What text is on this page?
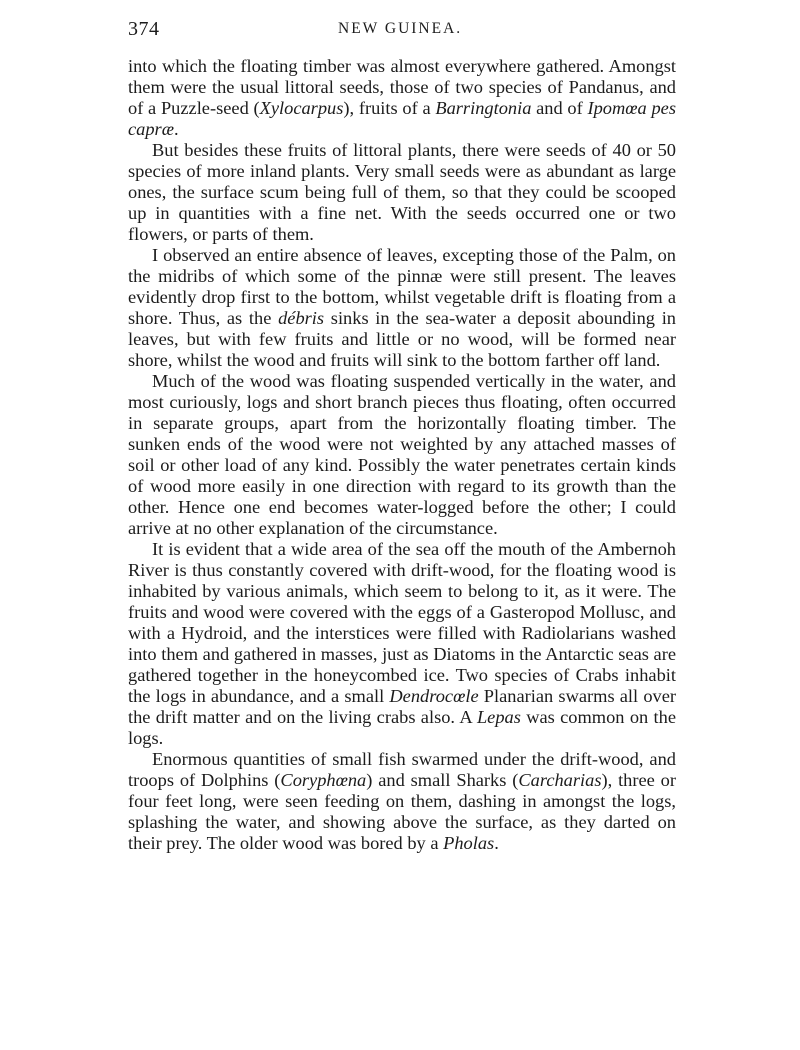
374	NEW GUINEA.

into which the floating timber was almost everywhere gathered. Amongst them were the usual littoral seeds, those of two species of Pandanus, and of a Puzzle-seed (Xylocarpus), fruits of a Barringtonia and of Ipomœa pes capræ.

But besides these fruits of littoral plants, there were seeds of 40 or 50 species of more inland plants. Very small seeds were as abundant as large ones, the surface scum being full of them, so that they could be scooped up in quantities with a fine net. With the seeds occurred one or two flowers, or parts of them.

I observed an entire absence of leaves, excepting those of the Palm, on the midribs of which some of the pinnæ were still present. The leaves evidently drop first to the bottom, whilst vegetable drift is floating from a shore. Thus, as the débris sinks in the sea-water a deposit abounding in leaves, but with few fruits and little or no wood, will be formed near shore, whilst the wood and fruits will sink to the bottom farther off land.

Much of the wood was floating suspended vertically in the water, and most curiously, logs and short branch pieces thus floating, often occurred in separate groups, apart from the horizontally floating timber. The sunken ends of the wood were not weighted by any attached masses of soil or other load of any kind. Possibly the water penetrates certain kinds of wood more easily in one direction with regard to its growth than the other. Hence one end becomes water-logged before the other; I could arrive at no other explanation of the circumstance.

It is evident that a wide area of the sea off the mouth of the Ambernoh River is thus constantly covered with drift-wood, for the floating wood is inhabited by various animals, which seem to belong to it, as it were. The fruits and wood were covered with the eggs of a Gasteropod Mollusc, and with a Hydroid, and the interstices were filled with Radiolarians washed into them and gathered in masses, just as Diatoms in the Antarctic seas are gathered together in the honeycombed ice. Two species of Crabs inhabit the logs in abundance, and a small Dendrocœle Planarian swarms all over the drift matter and on the living crabs also. A Lepas was common on the logs.

Enormous quantities of small fish swarmed under the drift-wood, and troops of Dolphins (Coryphœna) and small Sharks (Carcharias), three or four feet long, were seen feeding on them, dashing in amongst the logs, splashing the water, and showing above the surface, as they darted on their prey. The older wood was bored by a Pholas.
